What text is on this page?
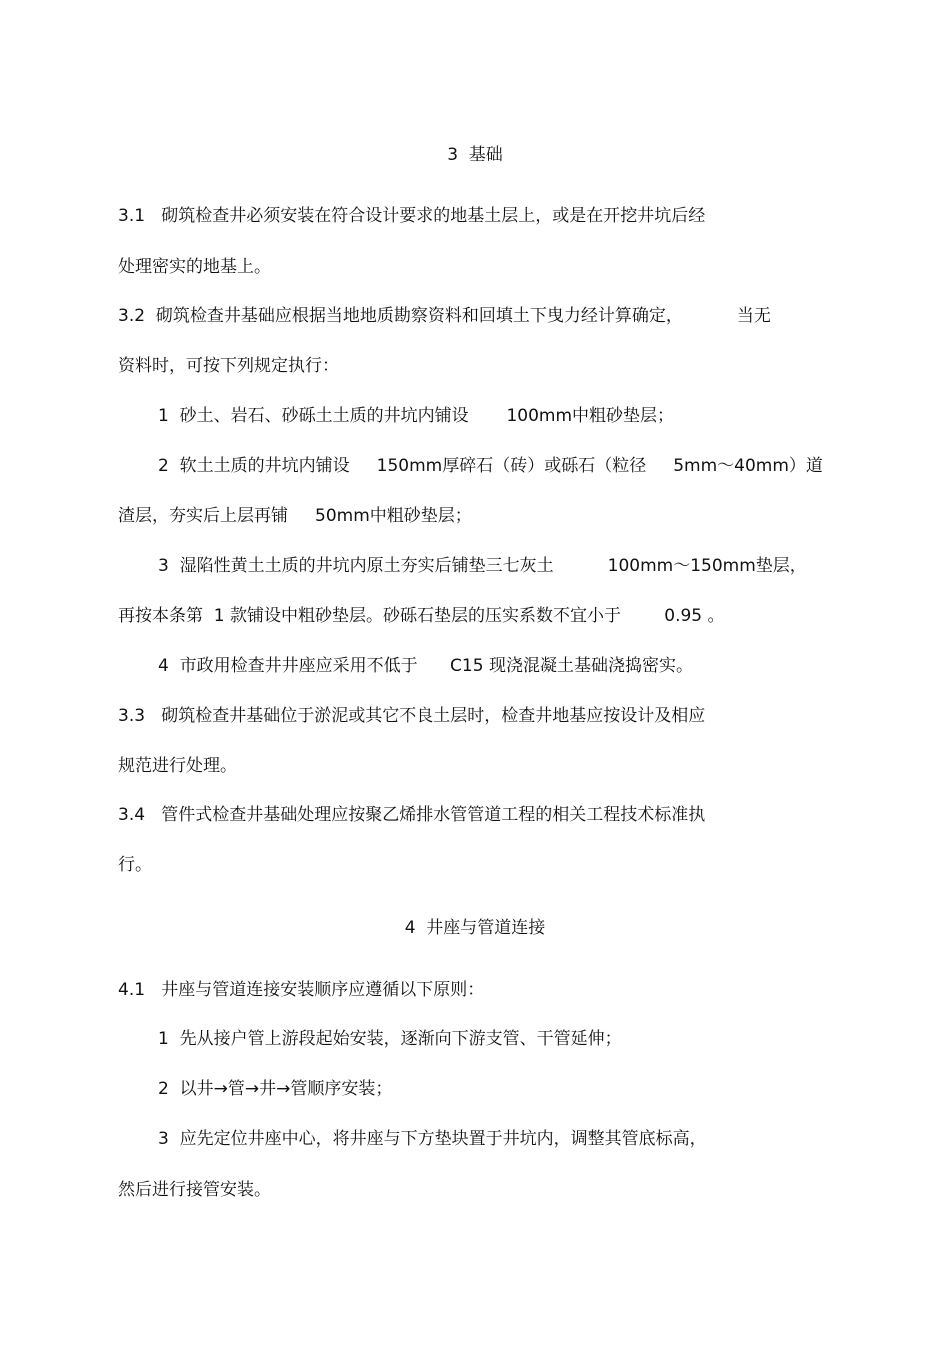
3  基础
3.1   砌筑检查井必须安装在符合设计要求的地基土层上，或是在开挖井坑后经
处理密实的地基上。
3.2  砌筑检查井基础应根据当地地质勘察资料和回填土下曳力经计算确定，          当无
资料时，可按下列规定执行：
1  砂土、岩石、砂砾土土质的井坑内铺设       100mm中粗砂垫层；
2  软土土质的井坑内铺设     150mm厚碎石（砖）或砾石（粒径     5mm～40mm）道
渣层，夯实后上层再铺     50mm中粗砂垫层；
3  湿陷性黄土土质的井坑内原土夯实后铺垫三七灰土          100mm～150mm垫层，
再按本条第  1 款铺设中粗砂垫层。砂砾石垫层的压实系数不宜小于        0.95 。
4  市政用检查井井座应采用不低于      C15 现浇混凝土基础浇捣密实。
3.3   砌筑检查井基础位于淤泥或其它不良土层时，检查井地基应按设计及相应
规范进行处理。
3.4   管件式检查井基础处理应按聚乙烯排水管管道工程的相关工程技术标准执
行。
4  井座与管道连接
4.1   井座与管道连接安装顺序应遵循以下原则：
1  先从接户管上游段起始安装，逐渐向下游支管、干管延伸；
2  以井→管→井→管顺序安装；
3  应先定位井座中心，将井座与下方垫块置于井坑内，调整其管底标高，
然后进行接管安装。
